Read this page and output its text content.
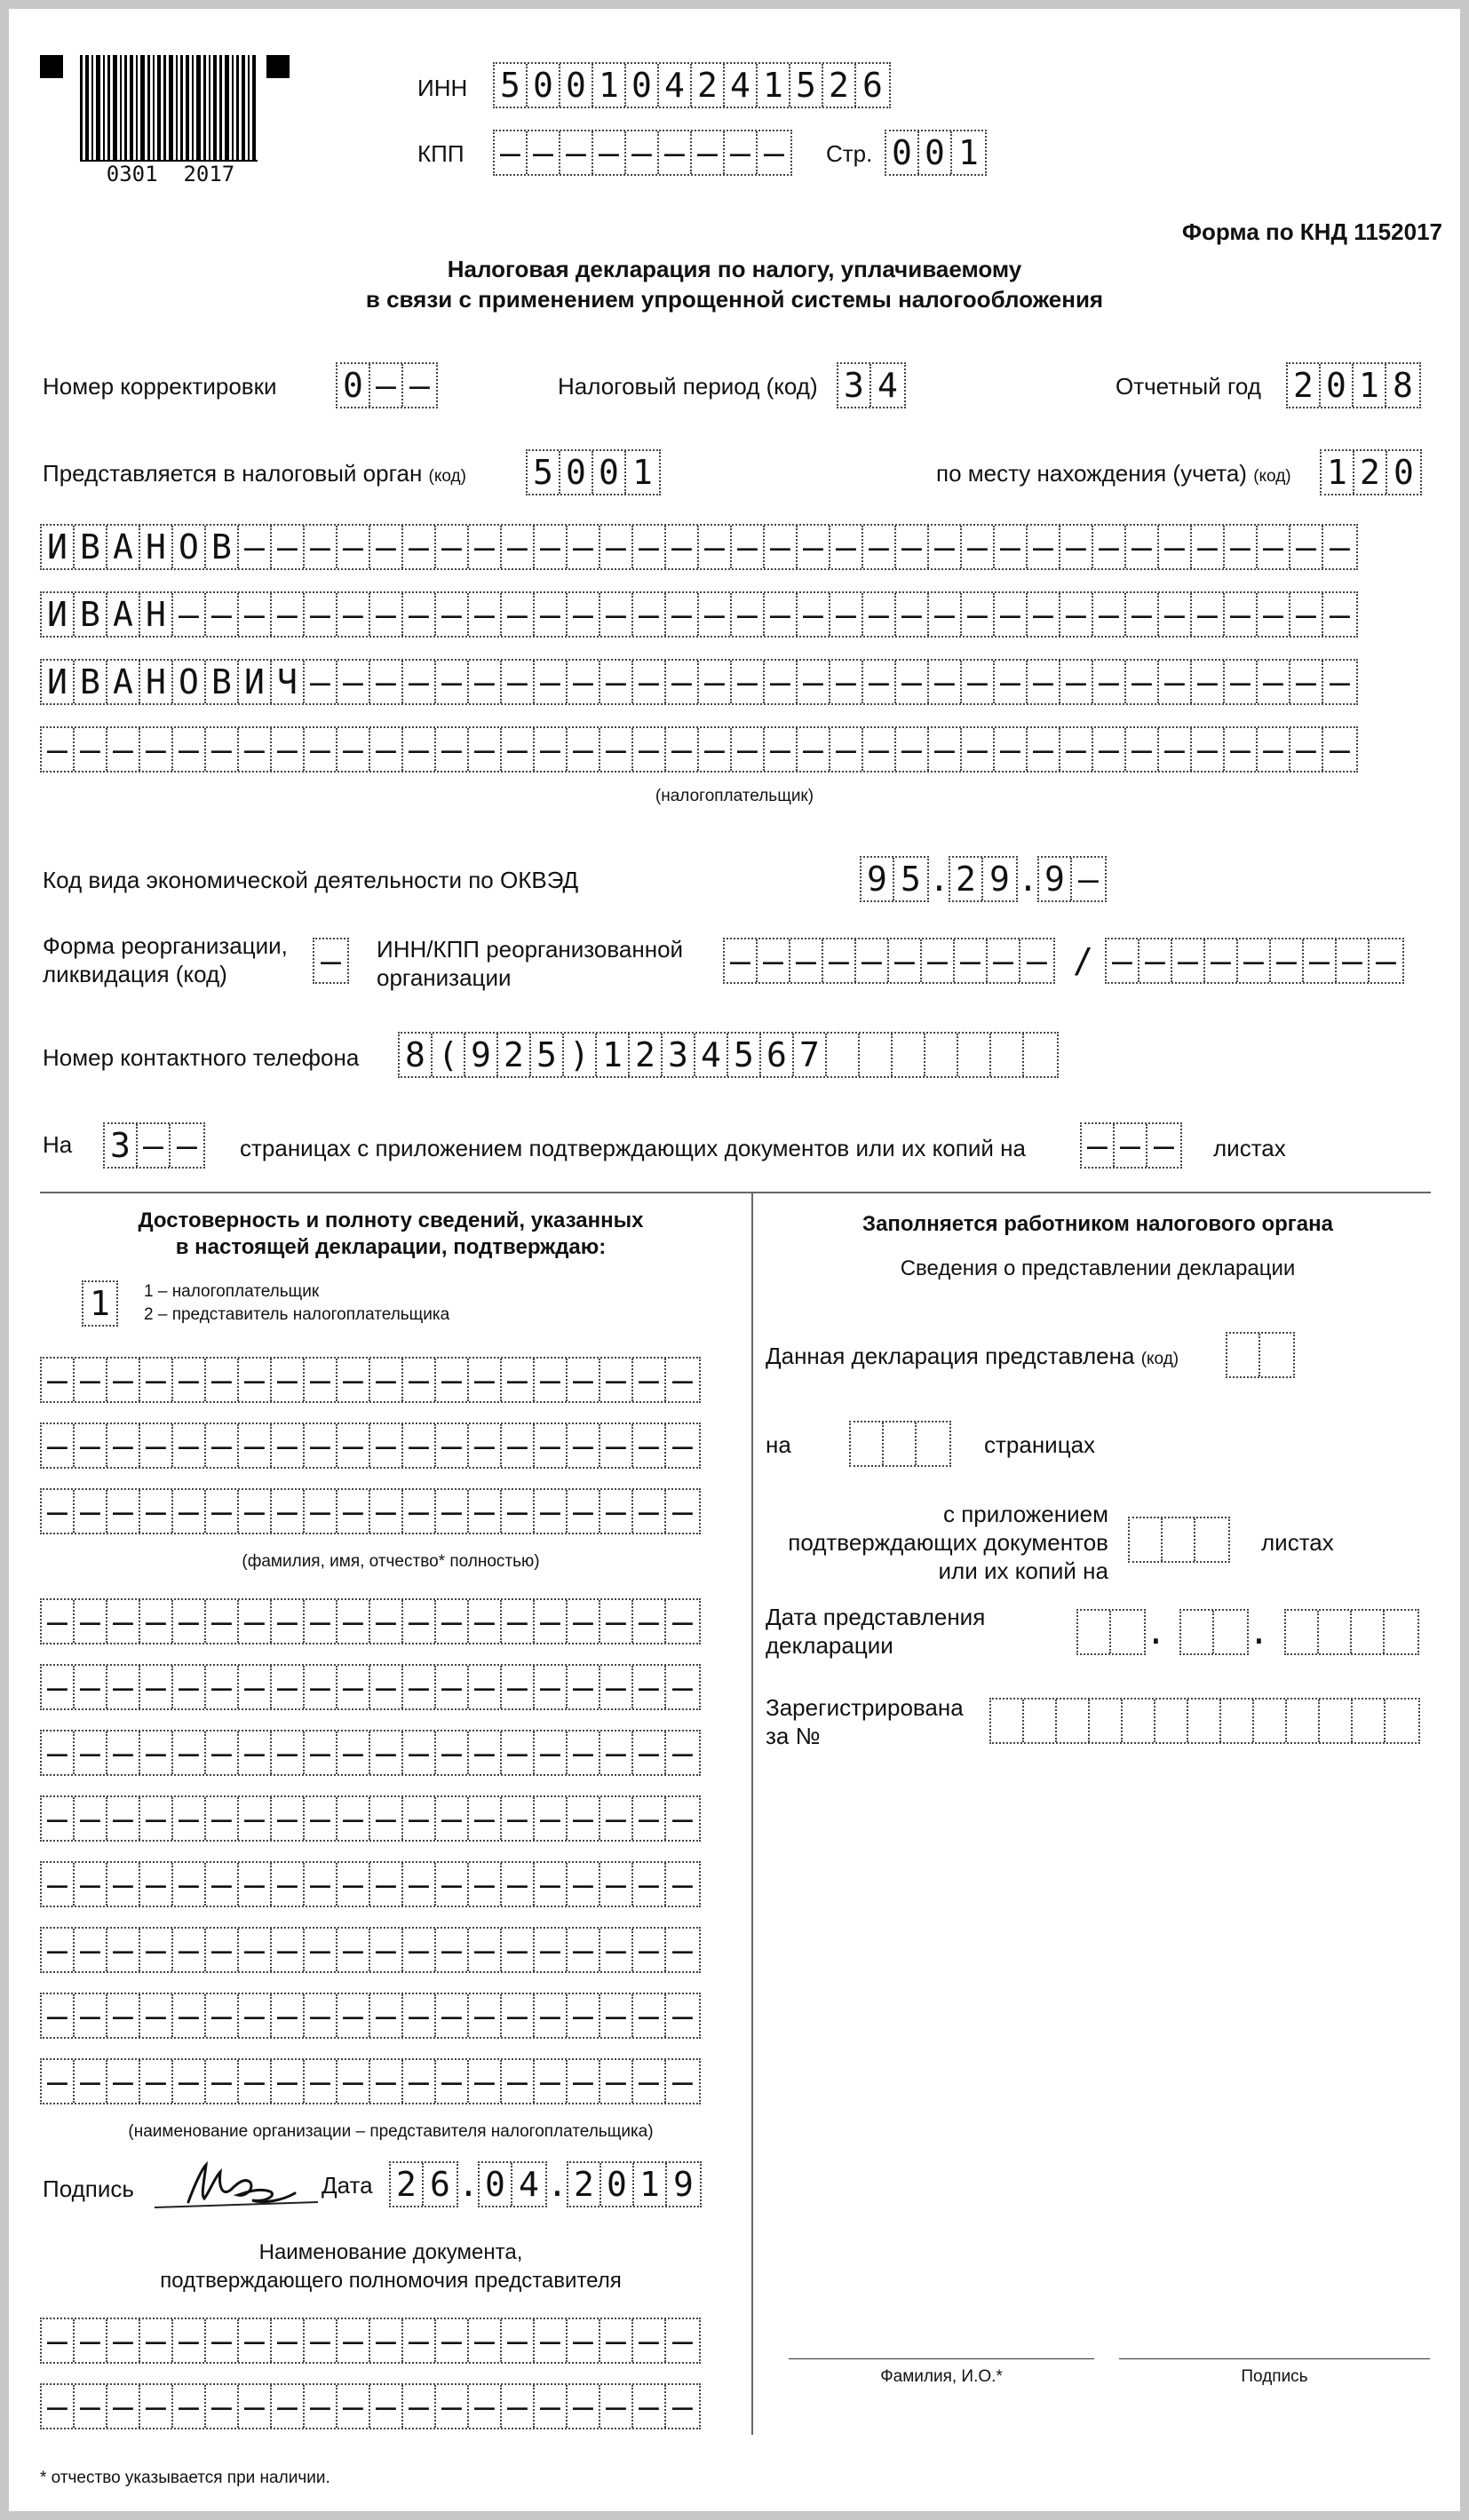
0301  2017
ИНН 5 0 0 1 0 4 2 4 1 5 2 6
КПП – – – – – – – – – Стр. 0 0 1
Форма по КНД 1152017
Налоговая декларация по налогу, уплачиваемому
в связи с применением упрощенной системы налогообложения
Номер корректировки 0 – –	Налоговый период (код) 3 4	Отчетный год 2 0 1 8
Представляется в налоговый орган (код) 5 0 0 1	по месту нахождения (учета) (код) 1 2 0
И В А Н О В – – – – – – – – – – – – – – – – – – – – – – – – – – – – – – – – – –
И В А Н – – – – – – – – – – – – – – – – – – – – – – – – – – – – – – – – – – – –
И В А Н О В И Ч – – – – – – – – – – – – – – – – – – – – – – – – – – – – – – – –
– – – – – – – – – – – – – – – – – – – – – – – – – – – – – – – – – – – – – – – –
(налогоплательщик)
Код вида экономической деятельности по ОКВЭД	9 5 . 2 9 . 9 –
Форма реорганизации,
ликвидация (код)	– ИНН/КПП реорганизованной
организации	– – – – – – – – – – / – – – – – – – – –
Номер контактного телефона 8 ( 9 2 5 ) 1 2 3 4 5 6 7
На 3 – – страницах с приложением подтверждающих документов или их копий на – – – листах
Достоверность и полноту сведений, указанных
в настоящей декларации, подтверждаю:
1	1 – налогоплательщик
2 – представитель налогоплательщика
– – – – – – – – – – – – – – – – – – – –
– – – – – – – – – – – – – – – – – – – –
– – – – – – – – – – – – – – – – – – – –
(фамилия, имя, отчество* полностью)
– – – – – – – – – – – – – – – – – – – –
– – – – – – – – – – – – – – – – – – – –
– – – – – – – – – – – – – – – – – – – –
– – – – – – – – – – – – – – – – – – – –
– – – – – – – – – – – – – – – – – – – –
– – – – – – – – – – – – – – – – – – – –
– – – – – – – – – – – – – – – – – – – –
– – – – – – – – – – – – – – – – – – – –
(наименование организации – представителя налогоплательщика)
Подпись	Дата 2 6 . 0 4 . 2 0 1 9
Наименование документа,
подтверждающего полномочия представителя
– – – – – – – – – – – – – – – – – – – –
– – – – – – – – – – – – – – – – – – – –
* отчество указывается при наличии.
Заполняется работником налогового органа
Сведения о представлении декларации
Данная декларация представлена (код)
на	страницах
с приложением
подтверждающих документов
или их копий на
листах
Дата представления
декларации	. .
Зарегистрирована
за №
Фамилия, И.О.*	Подпись
